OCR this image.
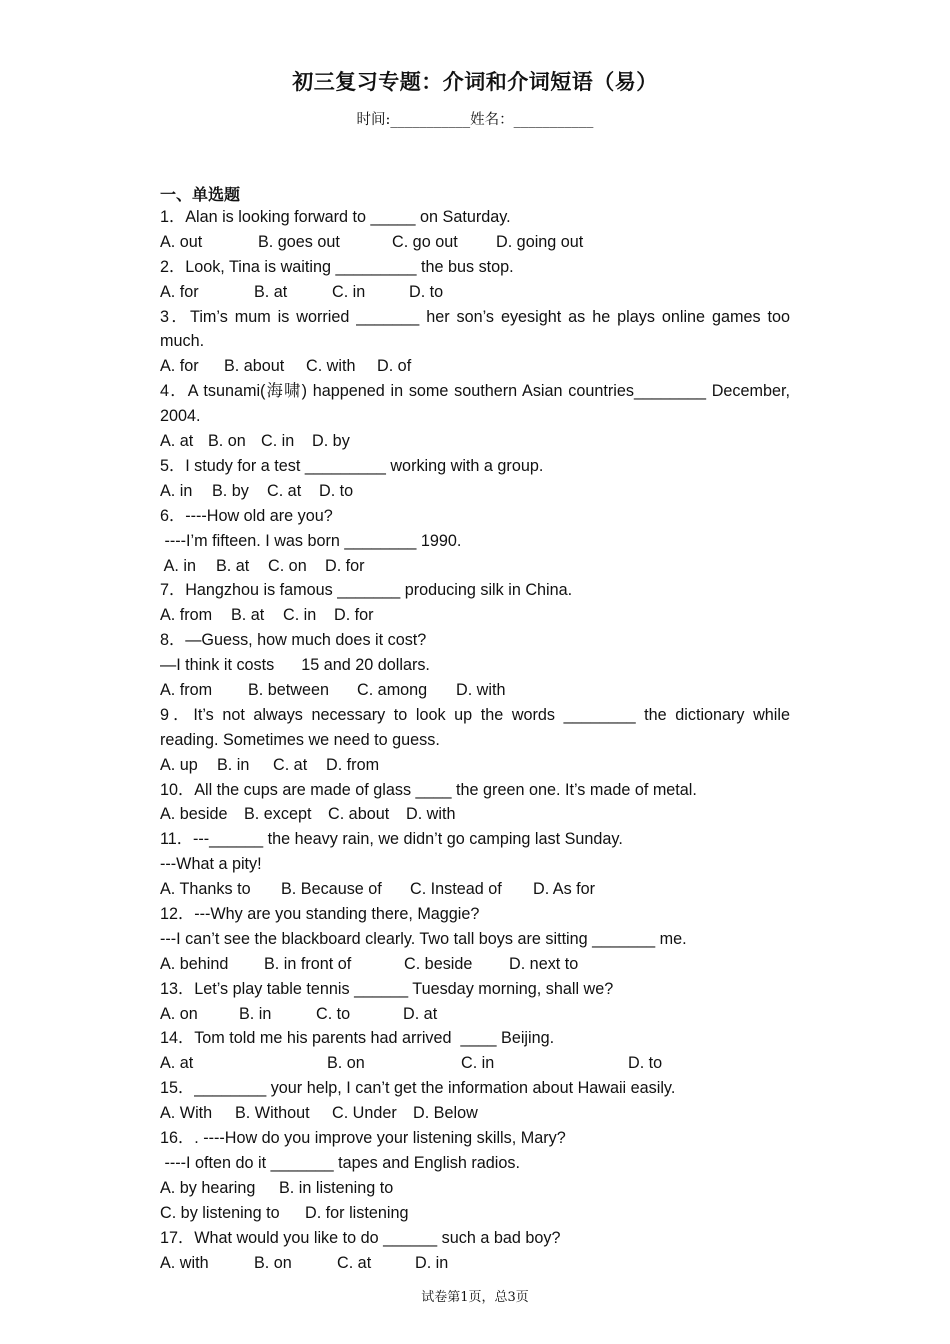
初三复习专题：介词和介词短语（易）
时间:___________姓名：___________
一、单选题
1．Alan is looking forward to _____ on Saturday.
A. out	B. goes out	C. go out	D. going out
2．Look, Tina is waiting _________ the bus stop.
A. for	B. at	C. in	D. to
3．Tim’s mum is worried _______ her son’s eyesight as he plays online games too much.
A. for	B. about	C. with	D. of
4．A tsunami(海啸) happened in some southern Asian countries________ December, 2004.
A. at B. on C. in	D. by
5．I study for a test _________ working with a group.
A. in	B. by	C. at	D. to
6．----How old are you?
----I’m fifteen. I was born ________ 1990.
A. in	B. at	C. on	D. for
7．Hangzhou is famous _______ producing silk in China.
A. from	B. at	C. in	D. for
8．—Guess, how much does it cost?
—I think it costs      15 and 20 dollars.
A. from	B. between	C. among	D. with
9．It’s not always necessary to look up the words ________ the dictionary while reading. Sometimes we need to guess.
A. up	B. in	C. at	D. from
10．All the cups are made of glass ____ the green one. It’s made of metal.
A. beside	B. except	C. about	D. with
11．---______ the heavy rain, we didn’t go camping last Sunday.
---What a pity!
A. Thanks to	B. Because of	C. Instead of	D. As for
12．---Why are you standing there, Maggie?
---I can’t see the blackboard clearly. Two tall boys are sitting _______ me.
A. behind	B. in front of	C. beside	D. next to
13．Let’s play table tennis ______ Tuesday morning, shall we?
A. on	B. in	C. to	D. at
14．Tom told me his parents had arrived  ____ Beijing.
A. at	B. on	C. in	D. to
15．________ your help, I can’t get the information about Hawaii easily.
A. With	B. Without	C. Under	D. Below
16．. ----How do you improve your listening skills, Mary?
----I often do it _______ tapes and English radios.
A. by hearing	B. in listening to
C. by listening to	D. for listening
17．What would you like to do ______ such a bad boy?
A. with	B. on	C. at	D. in
试卷第1页，总3页
